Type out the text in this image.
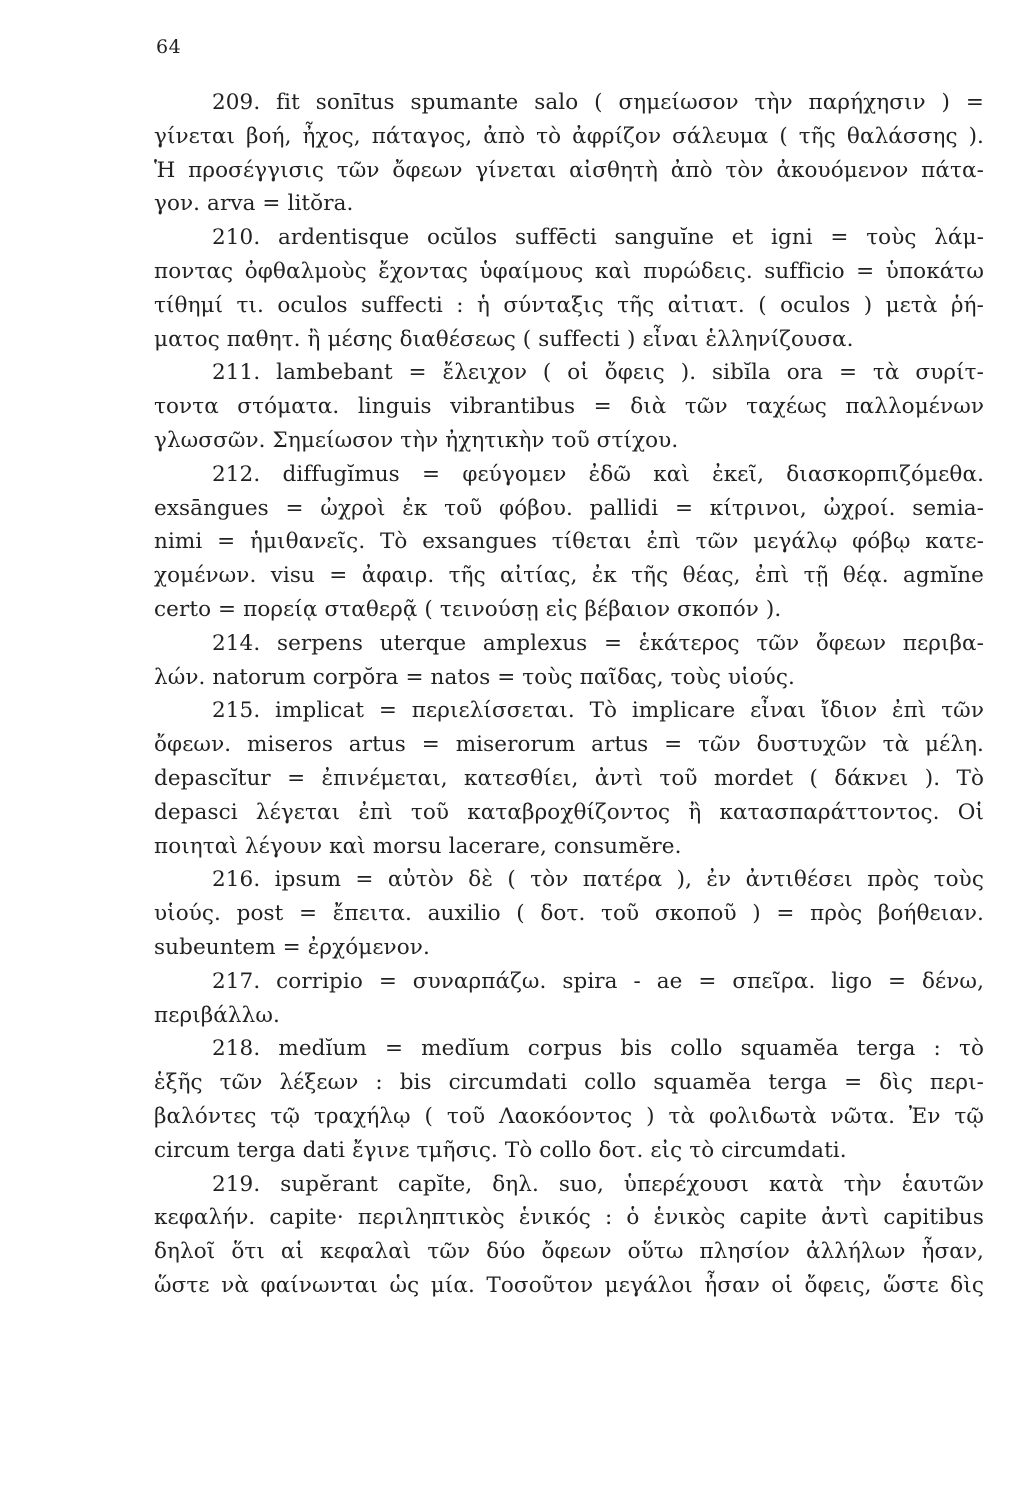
64
209. fit sonītus spumante salo ( σημείωσον τὴν παρήχησιν ) =
γίνεται βοή, ἦχος, πάταγος, ἀπὸ τὸ ἀφρίζον σάλευμα ( τῆς θαλάσσης ).
Ἡ προσέγγισις τῶν ὄφεων γίνεται αἰσθητὴ ἀπὸ τὸν ἀκουόμενον πάτα-
γον. arva = litŏra.
210. ardentisque ocŭlos suffēcti sanguĭne et igni = τοὺς λάμ-
ποντας ὀφθαλμοὺς ἔχοντας ὑφαίμους καὶ πυρώδεις. sufficio = ὑποκάτω
τίθημί τι. oculos suffecti : ἡ σύνταξις τῆς αἰτιατ. ( oculos ) μετὰ ῥή-
ματος παθητ. ἢ μέσης διαθέσεως ( suffecti ) εἶναι ἑλληνίζουσα.
211. lambebant = ἔλειχον ( οἱ ὄφεις ). sibĭla ora = τὰ συρίτ-
τοντα στόματα. linguis vibrantibus = διὰ τῶν ταχέως παλλομένων
γλωσσῶν. Σημείωσον τὴν ἠχητικὴν τοῦ στίχου.
212. diffugĭmus = φεύγομεν ἐδῶ καὶ ἐκεῖ, διασκορπιζόμεθα.
exsāngues = ὠχροὶ ἐκ τοῦ φόβου. pallidi = κίτρινοι, ὠχροί. semia-
nimi = ἡμιθανεῖς. Τὸ exsangues τίθεται ἐπὶ τῶν μεγάλῳ φόβῳ κατε-
χομένων. visu = ἀφαιρ. τῆς αἰτίας, ἐκ τῆς θέας, ἐπὶ τῇ θέᾳ. agmĭne
certo = πορείᾳ σταθερᾷ ( τεινούσῃ εἰς βέβαιον σκοπόν ).
214. serpens uterque amplexus = ἑκάτερος τῶν ὄφεων περιβα-
λών. natorum corpŏra = natos = τοὺς παῖδας, τοὺς υἱούς.
215. implicat = περιελίσσεται. Τὸ implicare εἶναι ἴδιον ἐπὶ τῶν
ὄφεων. miseros artus = miserorum artus = τῶν δυστυχῶν τὰ μέλη.
depascĭtur = ἐπινέμεται, κατεσθίει, ἀντὶ τοῦ mordet ( δάκνει ). Τὸ
depasci λέγεται ἐπὶ τοῦ καταβροχθίζοντος ἢ κατασπαράττοντος. Οἱ
ποιηταὶ λέγουν καὶ morsu lacerare, consumĕre.
216. ipsum = αὐτὸν δὲ ( τὸν πατέρα ), ἐν ἀντιθέσει πρὸς τοὺς
υἱούς. post = ἔπειτα. auxilio ( δοτ. τοῦ σκοποῦ ) = πρὸς βοήθειαν.
subeuntem = ἐρχόμενον.
217. corripio = συναρπάζω. spira - ae = σπεῖρα. ligo = δένω,
περιβάλλω.
218. medĭum = medĭum corpus bis collo squamĕa terga : τὸ
ἑξῆς τῶν λέξεων : bis circumdati collo squamĕa terga = δὶς περι-
βαλόντες τῷ τραχήλῳ ( τοῦ Λαοκόοντος ) τὰ φολιδωτὰ νῶτα. Ἐν τῷ
circum terga dati ἔγινε τμῆσις. Τὸ collo δοτ. εἰς τὸ circumdati.
219. supĕrant capĭte, δηλ. suo, ὑπερέχουσι κατὰ τὴν ἑαυτῶν
κεφαλήν. capite· περιληπτικὸς ἑνικός : ὁ ἑνικὸς capite ἀντὶ capitibus
δηλοῖ ὅτι αἱ κεφαλαὶ τῶν δύο ὄφεων οὕτω πλησίον ἀλλήλων ἦσαν,
ὥστε νὰ φαίνωνται ὡς μία. Τοσοῦτον μεγάλοι ἦσαν οἱ ὄφεις, ὥστε δὶς
